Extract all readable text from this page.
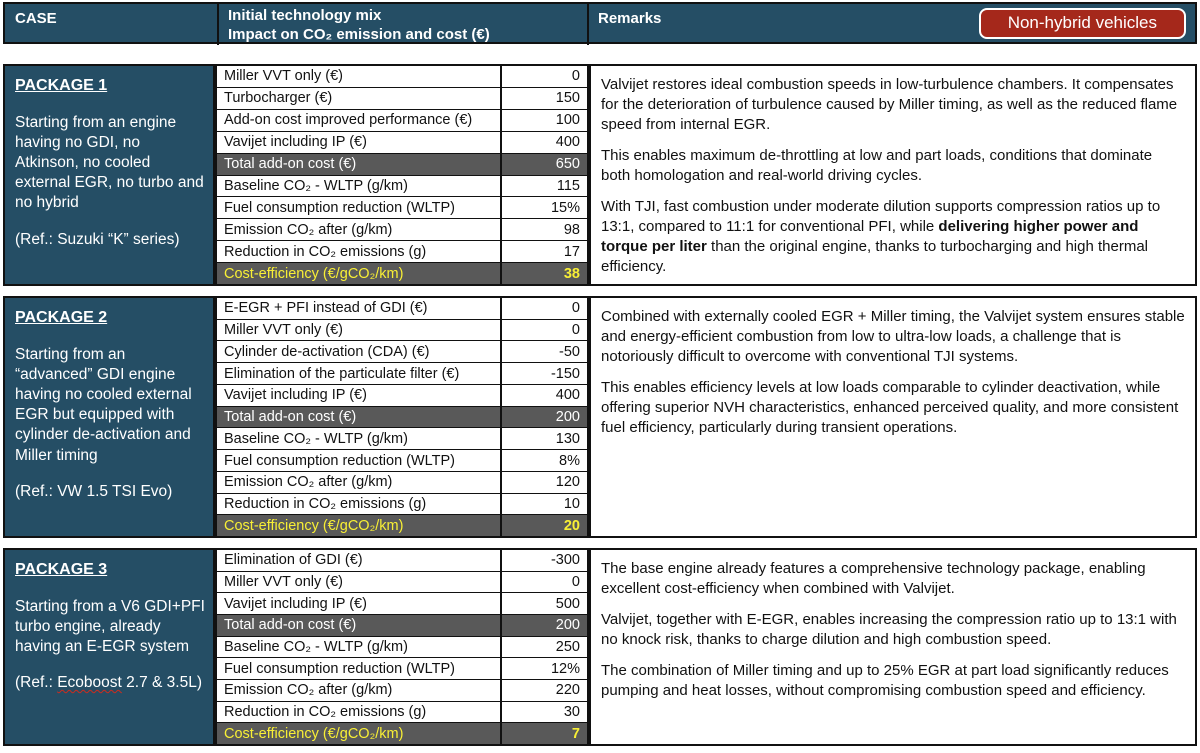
CASE	Initial technology mix
Impact on CO₂ emission and cost (€)
Remarks	Non-hybrid vehicles
PACKAGE 1
Starting from an engine having no GDI, no Atkinson, no cooled external EGR, no turbo and no hybrid
(Ref.: Suzuki “K” series)
Miller VVT only (€)	0
Turbocharger (€)	150
Add-on cost improved performance (€)	100
Vavijet including IP (€)	400
Total add-on cost (€)	650
Baseline CO₂ - WLTP (g/km)	115
Fuel consumption reduction (WLTP)	15%
Emission CO₂ after (g/km)	98
Reduction in CO₂ emissions (g)	17
Cost-efficiency (€/gCO₂/km)	38
Valvijet restores ideal combustion speeds in low-turbulence chambers. It compensates for the deterioration of turbulence caused by Miller timing, as well as the reduced flame speed from internal EGR.
This enables maximum de-throttling at low and part loads, conditions that dominate both homologation and real-world driving cycles.
With TJI, fast combustion under moderate dilution supports compression ratios up to 13:1, compared to 11:1 for conventional PFI, while delivering higher power and torque per liter than the original engine, thanks to turbocharging and high thermal efficiency.
PACKAGE 2
Starting from an “advanced” GDI engine having no cooled external EGR but equipped with cylinder de-activation and Miller timing
(Ref.: VW 1.5 TSI Evo)
E-EGR + PFI instead of GDI (€)	0
Miller VVT only (€)	0
Cylinder de-activation (CDA) (€)	-50
Elimination of the particulate filter (€)	-150
Vavijet including IP (€)	400
Total add-on cost (€)	200
Baseline CO₂ - WLTP (g/km)	130
Fuel consumption reduction (WLTP)	8%
Emission CO₂ after (g/km)	120
Reduction in CO₂ emissions (g)	10
Cost-efficiency (€/gCO₂/km)	20
Combined with externally cooled EGR + Miller timing, the Valvijet system ensures stable and energy-efficient combustion from low to ultra-low loads, a challenge that is notoriously difficult to overcome with conventional TJI systems.
This enables efficiency levels at low loads comparable to cylinder deactivation, while offering superior NVH characteristics, enhanced perceived quality, and more consistent fuel efficiency, particularly during transient operations.
PACKAGE 3
Starting from a V6 GDI+PFI turbo engine, already having an E-EGR system
(Ref.: Ecoboost 2.7 & 3.5L)
Elimination of GDI (€)	-300
Miller VVT only (€)	0
Vavijet including IP (€)	500
Total add-on cost (€)	200
Baseline CO₂ - WLTP (g/km)	250
Fuel consumption reduction (WLTP)	12%
Emission CO₂ after (g/km)	220
Reduction in CO₂ emissions (g)	30
Cost-efficiency (€/gCO₂/km)	7
The base engine already features a comprehensive technology package, enabling excellent cost-efficiency when combined with Valvijet.
Valvijet, together with E-EGR, enables increasing the compression ratio up to 13:1 with no knock risk, thanks to charge dilution and high combustion speed.
The combination of Miller timing and up to 25% EGR at part load significantly reduces pumping and heat losses, without compromising combustion speed and efficiency.
